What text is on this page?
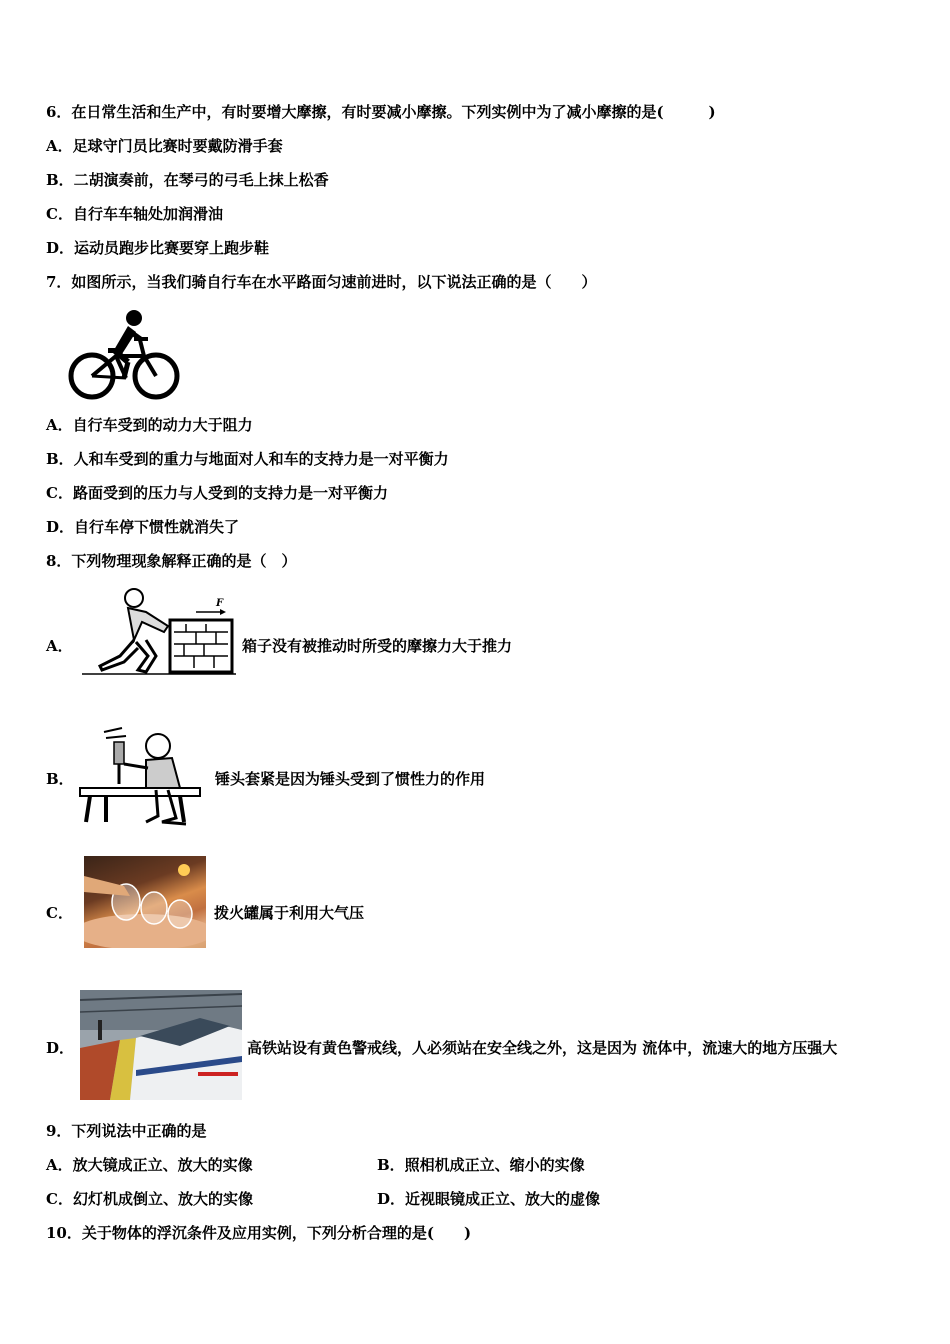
6．在日常生活和生产中，有时要增大摩擦，有时要减小摩擦。下列实例中为了减小摩擦的是(　　　)
A．足球守门员比赛时要戴防滑手套
B．二胡演奏前，在琴弓的弓毛上抹上松香
C．自行车车轴处加润滑油
D．运动员跑步比赛要穿上跑步鞋
7．如图所示，当我们骑自行车在水平路面匀速前进时，以下说法正确的是（　　）
A．自行车受到的动力大于阻力
B．人和车受到的重力与地面对人和车的支持力是一对平衡力
C．路面受到的压力与人受到的支持力是一对平衡力
D．自行车停下惯性就消失了
8．下列物理现象解释正确的是（　）
A．
F
箱子没有被推动时所受的摩擦力大于推力
B．	锤头套紧是因为锤头受到了惯性力的作用
C．	拨火罐属于利用大气压
D．	高铁站设有黄色警戒线，人必须站在安全线之外，这是因为 流体中，流速大的地方压强大
9．下列说法中正确的是
A．放大镜成正立、放大的实像	B．照相机成正立、缩小的实像
C．幻灯机成倒立、放大的实像	D．近视眼镜成正立、放大的虚像
10．关于物体的浮沉条件及应用实例，下列分析合理的是(　　)
